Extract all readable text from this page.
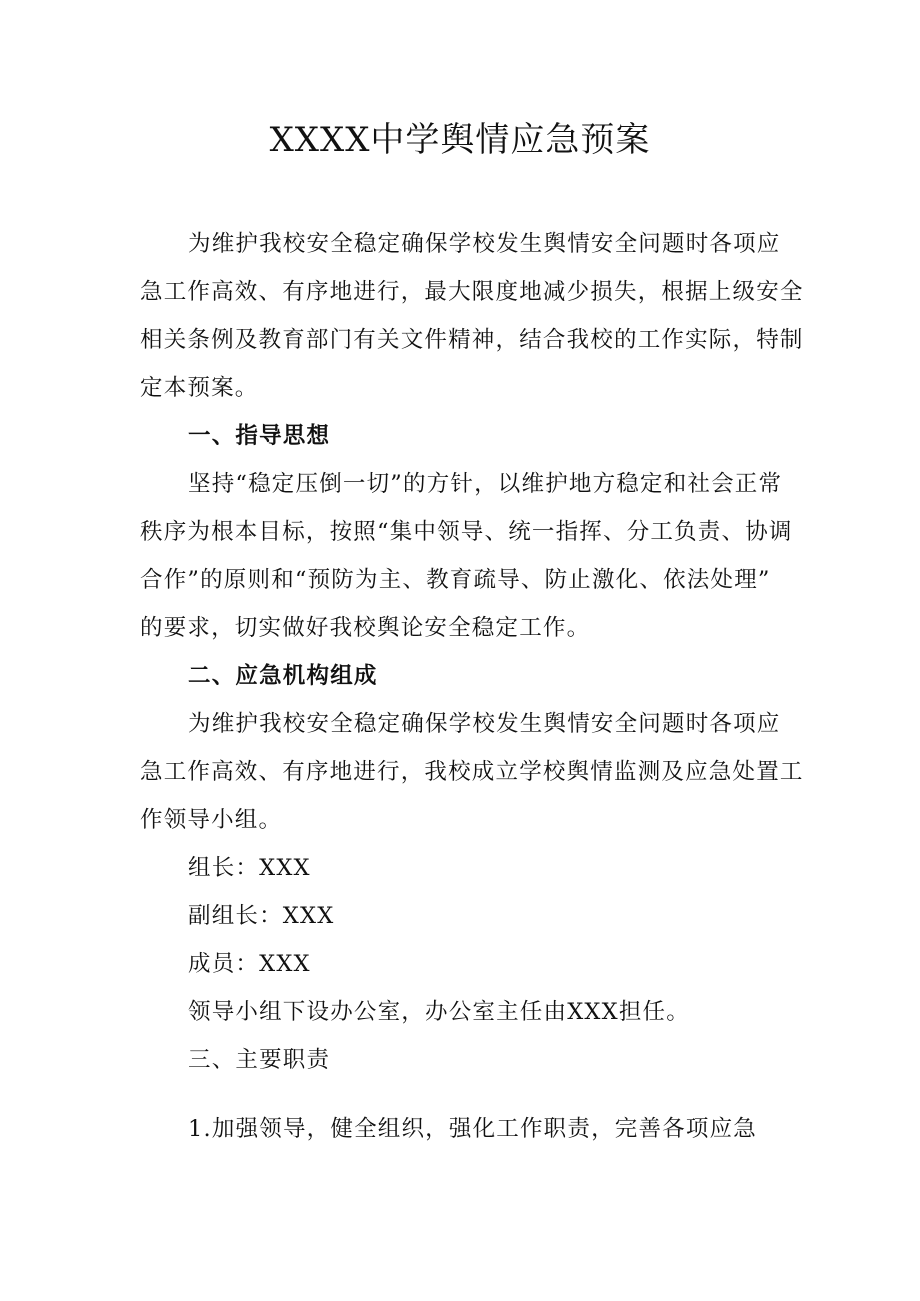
XXXX中学舆情应急预案
为维护我校安全稳定确保学校发生舆情安全问题时各项应
急工作高效、有序地进行，最大限度地减少损失，根据上级安全
相关条例及教育部门有关文件精神，结合我校的工作实际，特制
定本预案。
一、指导思想
坚持“稳定压倒一切”的方针，以维护地方稳定和社会正常
秩序为根本目标，按照“集中领导、统一指挥、分工负责、协调
合作”的原则和“预防为主、教育疏导、防止激化、依法处理”
的要求，切实做好我校舆论安全稳定工作。
二、应急机构组成
为维护我校安全稳定确保学校发生舆情安全问题时各项应
急工作高效、有序地进行，我校成立学校舆情监测及应急处置工
作领导小组。
组长：XXX
副组长：XXX
成员：XXX
领导小组下设办公室，办公室主任由XXX担任。
三、主要职责
1.加强领导，健全组织，强化工作职责，完善各项应急
